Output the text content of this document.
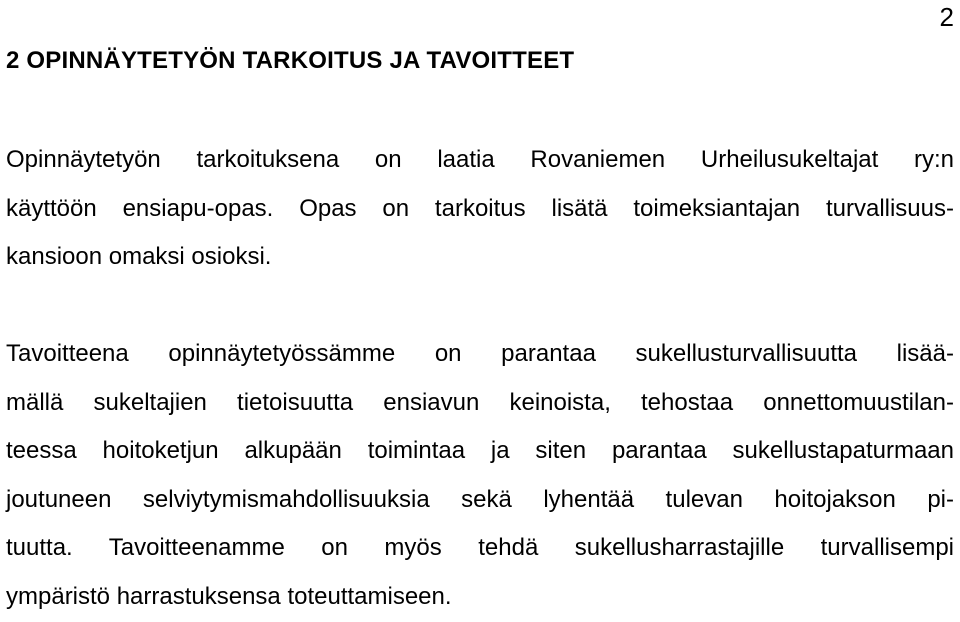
2
2 OPINNÄYTETYÖN TARKOITUS JA TAVOITTEET
Opinnäytetyön tarkoituksena on laatia Rovaniemen Urheilusukeltajat ry:n
käyttöön ensiapu-opas. Opas on tarkoitus lisätä toimeksiantajan turvallisuus-
kansioon omaksi osioksi.
Tavoitteena opinnäytetyössämme on parantaa sukellusturvallisuutta lisää-
mällä sukeltajien tietoisuutta ensiavun keinoista, tehostaa onnettomuustilan-
teessa hoitoketjun alkupään toimintaa ja siten parantaa sukellustapaturmaan
joutuneen selviytymismahdollisuuksia sekä lyhentää tulevan hoitojakson pi-
tuutta. Tavoitteenamme on myös tehdä sukellusharrastajille turvallisempi
ympäristö harrastuksensa toteuttamiseen.
